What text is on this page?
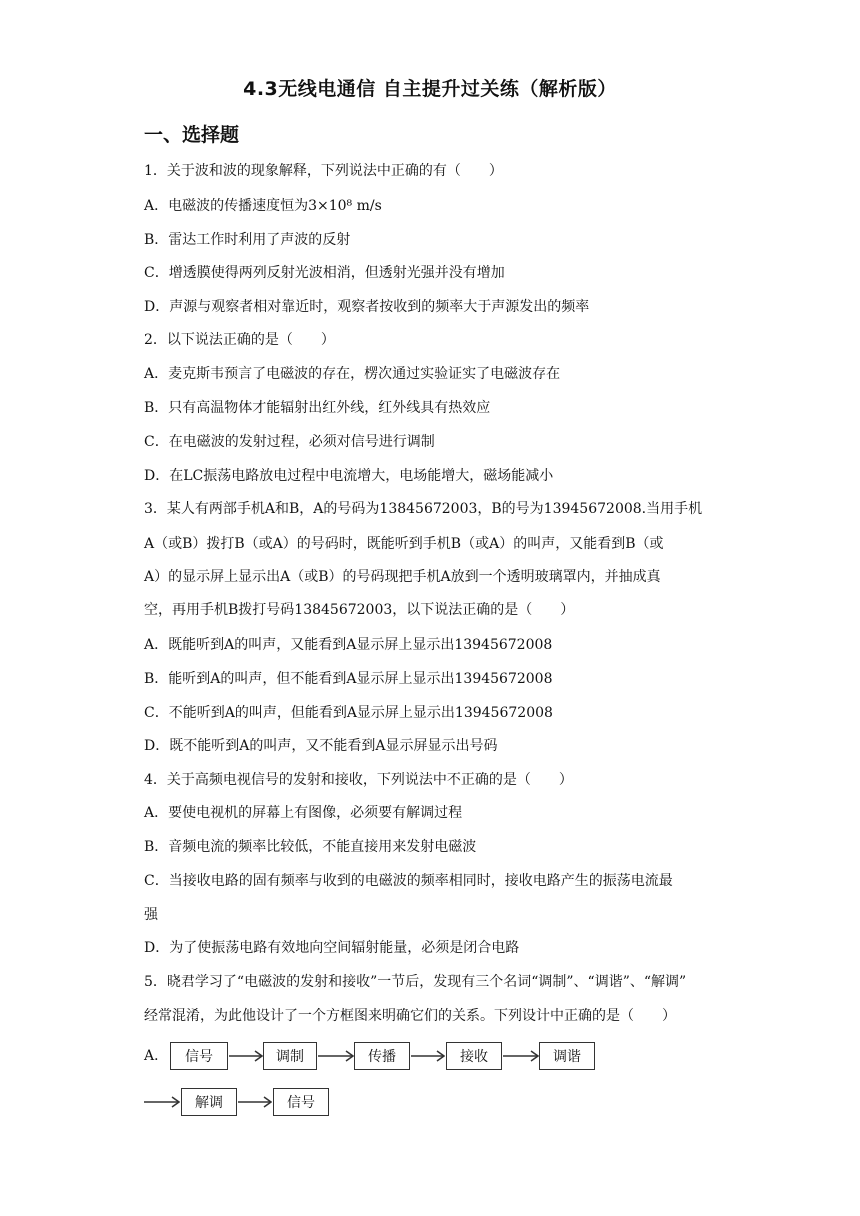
4.3无线电通信 自主提升过关练（解析版）
一、选择题
1．关于波和波的现象解释，下列说法中正确的有（　　）
A．电磁波的传播速度恒为3×10⁸ m/s
B．雷达工作时利用了声波的反射
C．增透膜使得两列反射光波相消，但透射光强并没有增加
D．声源与观察者相对靠近时，观察者按收到的频率大于声源发出的频率
2．以下说法正确的是（　　）
A．麦克斯韦预言了电磁波的存在，楞次通过实验证实了电磁波存在
B．只有高温物体才能辐射出红外线，红外线具有热效应
C．在电磁波的发射过程，必须对信号进行调制
D．在LC振荡电路放电过程中电流增大，电场能增大，磁场能减小
3．某人有两部手机A和B，A的号码为13845672003，B的号为13945672008.当用手机
A（或B）拨打B（或A）的号码时，既能听到手机B（或A）的叫声，又能看到B（或
A）的显示屏上显示出A（或B）的号码现把手机A放到一个透明玻璃罩内，并抽成真
空，再用手机B拨打号码13845672003，以下说法正确的是（　　）
A．既能听到A的叫声，又能看到A显示屏上显示出13945672008
B．能听到A的叫声，但不能看到A显示屏上显示出13945672008
C．不能听到A的叫声，但能看到A显示屏上显示出13945672008
D．既不能听到A的叫声，又不能看到A显示屏显示出号码
4．关于高频电视信号的发射和接收，下列说法中不正确的是（　　）
A．要使电视机的屏幕上有图像，必须要有解调过程
B．音频电流的频率比较低，不能直接用来发射电磁波
C．当接收电路的固有频率与收到的电磁波的频率相同时，接收电路产生的振荡电流最
强
D．为了使振荡电路有效地向空间辐射能量，必须是闭合电路
5．晓君学习了“电磁波的发射和接收”一节后，发现有三个名词“调制”、“调谐”、“解调”
经常混淆，为此他设计了一个方框图来明确它们的关系。下列设计中正确的是（　　）
A．	信号	调制	传播	接收	调谐
解调	信号
